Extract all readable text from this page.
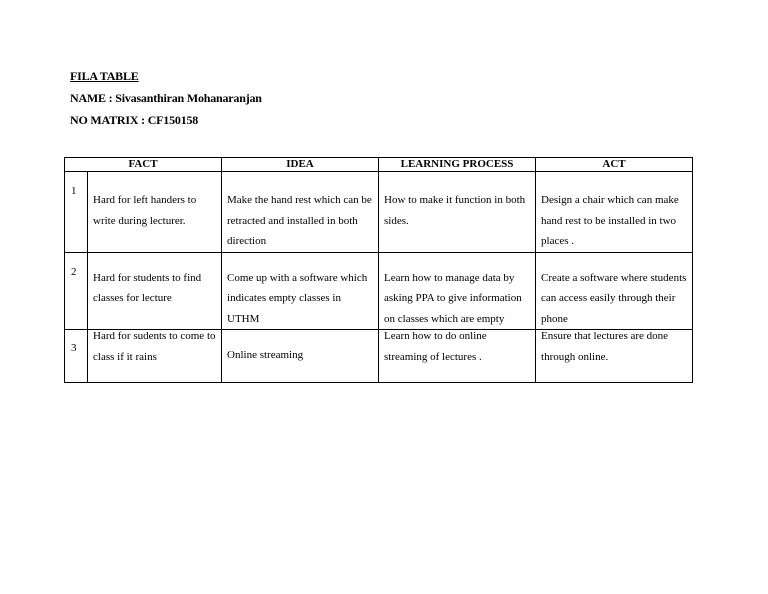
FILA TABLE
NAME : Sivasanthiran Mohanaranjan
NO MATRIX : CF150158
FACT		IDEA	LEARNING PROCESS	ACT

1	Hard for left handers to write during lecturer.	Make the hand rest which can be retracted and installed in both direction	How to make it function in both sides.	Design a chair which can make hand rest to be installed in two places .

2	Hard for students to find classes for lecture	Come up with a software which indicates empty classes in UTHM	Learn how to manage data by asking PPA to give information on classes which are empty	Create a software where students can access easily through their phone

3	Hard for sudents to come to class if it rains	Online streaming	Learn how to do online streaming of lectures .	Ensure that lectures are done through online.
